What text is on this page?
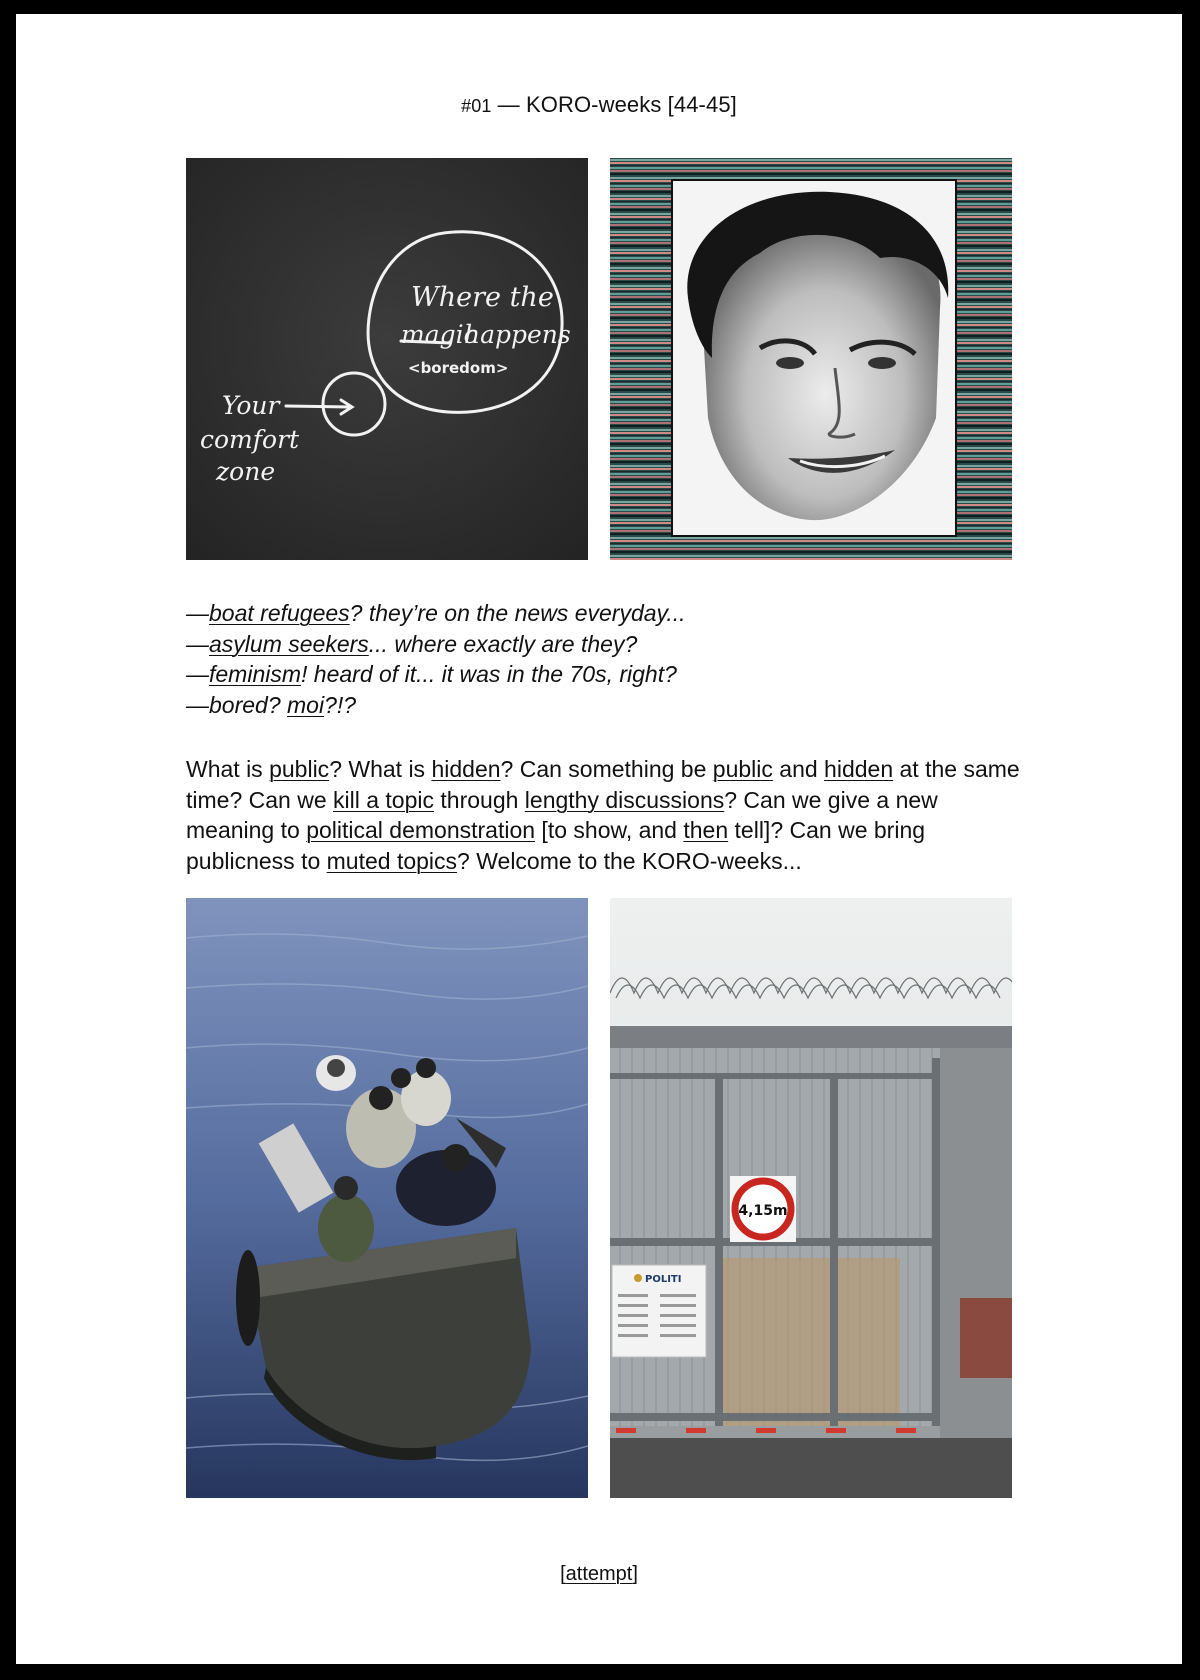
#01 — KORO-weeks [44-45]
Where the
magic
happens
Your
comfort
zone
<boredom>
—boat refugees? they’re on the news everyday...
—asylum seekers... where exactly are they?
—feminism! heard of it... it was in the 70s, right?
—bored? moi?!?
What is public? What is hidden? Can something be public and hidden at the same time? Can we kill a topic through lengthy discussions? Can we give a new meaning to political demonstration [to show, and then tell]? Can we bring publicness to muted topics? Welcome to the KORO-weeks...
4,15m
POLITI
[attempt]
